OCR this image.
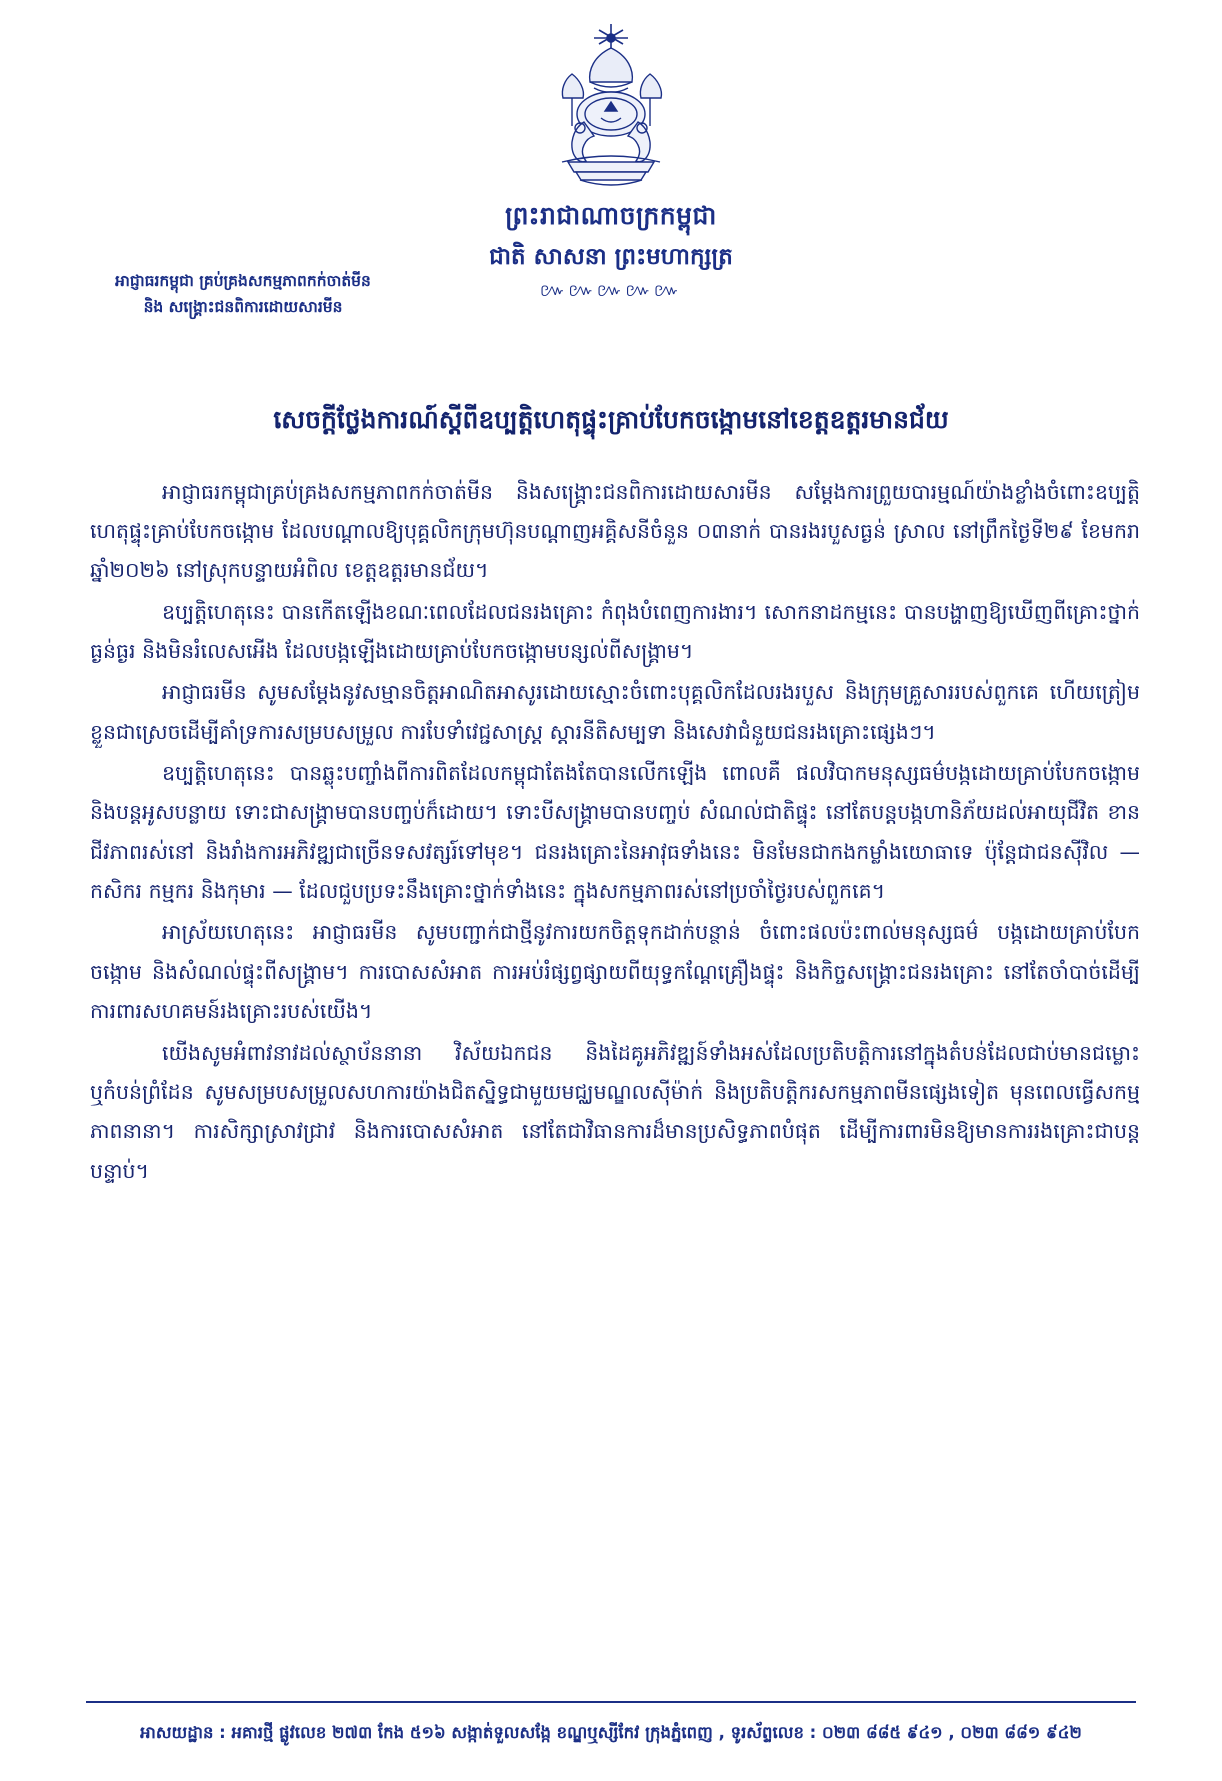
ព្រះរាជាណាចក្រកម្ពុជា
ជាតិ សាសនា ព្រះមហាក្សត្រ
៚៚៚៚៚
អាជ្ញាធរកម្ពុជា គ្រប់គ្រងសកម្មភាពកក់ចាត់មីន
និង សង្គ្រោះជនពិការដោយសារមីន
សេចក្តីថ្លែងការណ៍ស្តីពីឧប្បត្តិហេតុផ្ទុះគ្រាប់បែកចង្កោមនៅខេត្តឧត្តរមានជ័យ

អាជ្ញាធរកម្ពុជាគ្រប់គ្រងសកម្មភាពកក់ចាត់មីន និងសង្គ្រោះជនពិការដោយសារមីន សម្តែងការព្រួយបារម្មណ៍យ៉ាងខ្លាំងចំពោះឧប្បត្តិហេតុផ្ទុះគ្រាប់បែកចង្កោម ដែលបណ្តាលឱ្យបុគ្គលិកក្រុមហ៊ុនបណ្តាញអគ្គិសនីចំនួន ០៣នាក់ បានរងរបួសធ្ងន់ ស្រាល នៅព្រឹកថ្ងៃទី២៩ ខែមករា ឆ្នាំ២០២៦ នៅស្រុកបន្ទាយអំពិល ខេត្តឧត្តរមានជ័យ។

ឧប្បត្តិហេតុនេះ បានកើតឡើងខណៈពេលដែលជនរងគ្រោះ កំពុងបំពេញការងារ។ សោកនាដកម្មនេះ បានបង្ហាញឱ្យឃើញពីគ្រោះថ្នាក់ធ្ងន់ធ្ងរ និងមិនរំលេសអើង ដែលបង្កឡើងដោយគ្រាប់បែកចង្កោមបន្សល់ពីសង្គ្រាម។

អាជ្ញាធរមីន សូមសម្តែងនូវសម្មានចិត្តអាណិតអាសូរដោយស្មោះចំពោះបុគ្គលិកដែលរងរបួស និងក្រុមគ្រួសាររបស់ពួកគេ ហើយត្រៀមខ្លួនជាស្រេចដើម្បីគាំទ្រការសម្របសម្រួល ការបែទាំវេជ្ជសាស្ត្រ ស្តារនីតិសម្បទា និងសេវាជំនួយជនរងគ្រោះផ្សេងៗ។

ឧប្បត្តិហេតុនេះ បានឆ្លុះបញ្ចាំងពីការពិតដែលកម្ពុជាតែងតែបានលើកឡើង ពោលគឺ ផលវិបាកមនុស្សធម៌បង្កដោយគ្រាប់បែកចង្កោម និងបន្តអូសបន្លាយ ទោះជាសង្គ្រាមបានបញ្ចប់ក៏ដោយ។ ទោះបីសង្គ្រាមបានបញ្ចប់ សំណល់ជាតិផ្ទុះ នៅតែបន្តបង្កហានិភ័យដល់អាយុជីវិត ខានជីវភាពរស់នៅ និងរាំងការអភិវឌ្ឍជាច្រើនទសវត្សរ៍ទៅមុខ។ ជនរងគ្រោះនៃអាវុធទាំងនេះ មិនមែនជាកងកម្លាំងយោធាទេ ប៉ុន្តែជាជនស៊ីវិល — កសិករ កម្មករ និងកុមារ — ដែលជួបប្រទះនឹងគ្រោះថ្នាក់ទាំងនេះ ក្នុងសកម្មភាពរស់នៅប្រចាំថ្ងៃរបស់ពួកគេ។

អាស្រ័យហេតុនេះ អាជ្ញាធរមីន សូមបញ្ជាក់ជាថ្មីនូវការយកចិត្តទុកដាក់បន្ថាន់ ចំពោះផលប៉ះពាល់មនុស្សធម៌ បង្កដោយគ្រាប់បែកចង្កោម និងសំណល់ផ្ទុះពីសង្គ្រាម។ ការបោសសំអាត ការអប់រំផ្សព្វផ្សាយពីយុទ្ធកណ្តែគ្រឿងផ្ទុះ និងកិច្ចសង្គ្រោះជនរងគ្រោះ នៅតែចាំបាច់ដើម្បីការពារសហគមន៍រងគ្រោះរបស់យើង។

យើងសូមអំពាវនាវដល់ស្ថាប័ននានា វិស័យឯកជន និងដៃគូអភិវឌ្ឍន៍ទាំងអស់ដែលប្រតិបត្តិការនៅក្នុងតំបន់ដែលជាប់មានជម្លោះ ឬកំបន់ព្រំដែន សូមសម្របសម្រួលសហការយ៉ាងជិតស្និទ្ធជាមួយមជ្ឈមណ្ឌលស៊ីម៉ាក់ និងប្រតិបត្តិករសកម្មភាពមីនផ្សេងទៀត មុនពេលធ្វើសកម្មភាពនានា។ ការសិក្សាស្រាវជ្រាវ និងការបោសសំអាត នៅតែជាវិធានការដ៏មានប្រសិទ្ធភាពបំផុត ដើម្បីការពារមិនឱ្យមានការរងគ្រោះជាបន្តបន្ទាប់។

អាសយដ្ឋាន : អគារថ្មី ផ្លូវលេខ ២៧៣ កែង ៥១៦ សង្កាត់ទួលសង្កែ ខណ្ឌឬស្សីកែវ ក្រុងភ្នំពេញ , ទូរស័ព្ទលេខ : ០២៣ ៨៨៥ ៩៤១ , ០២៣ ៨៨១ ៩៤២
